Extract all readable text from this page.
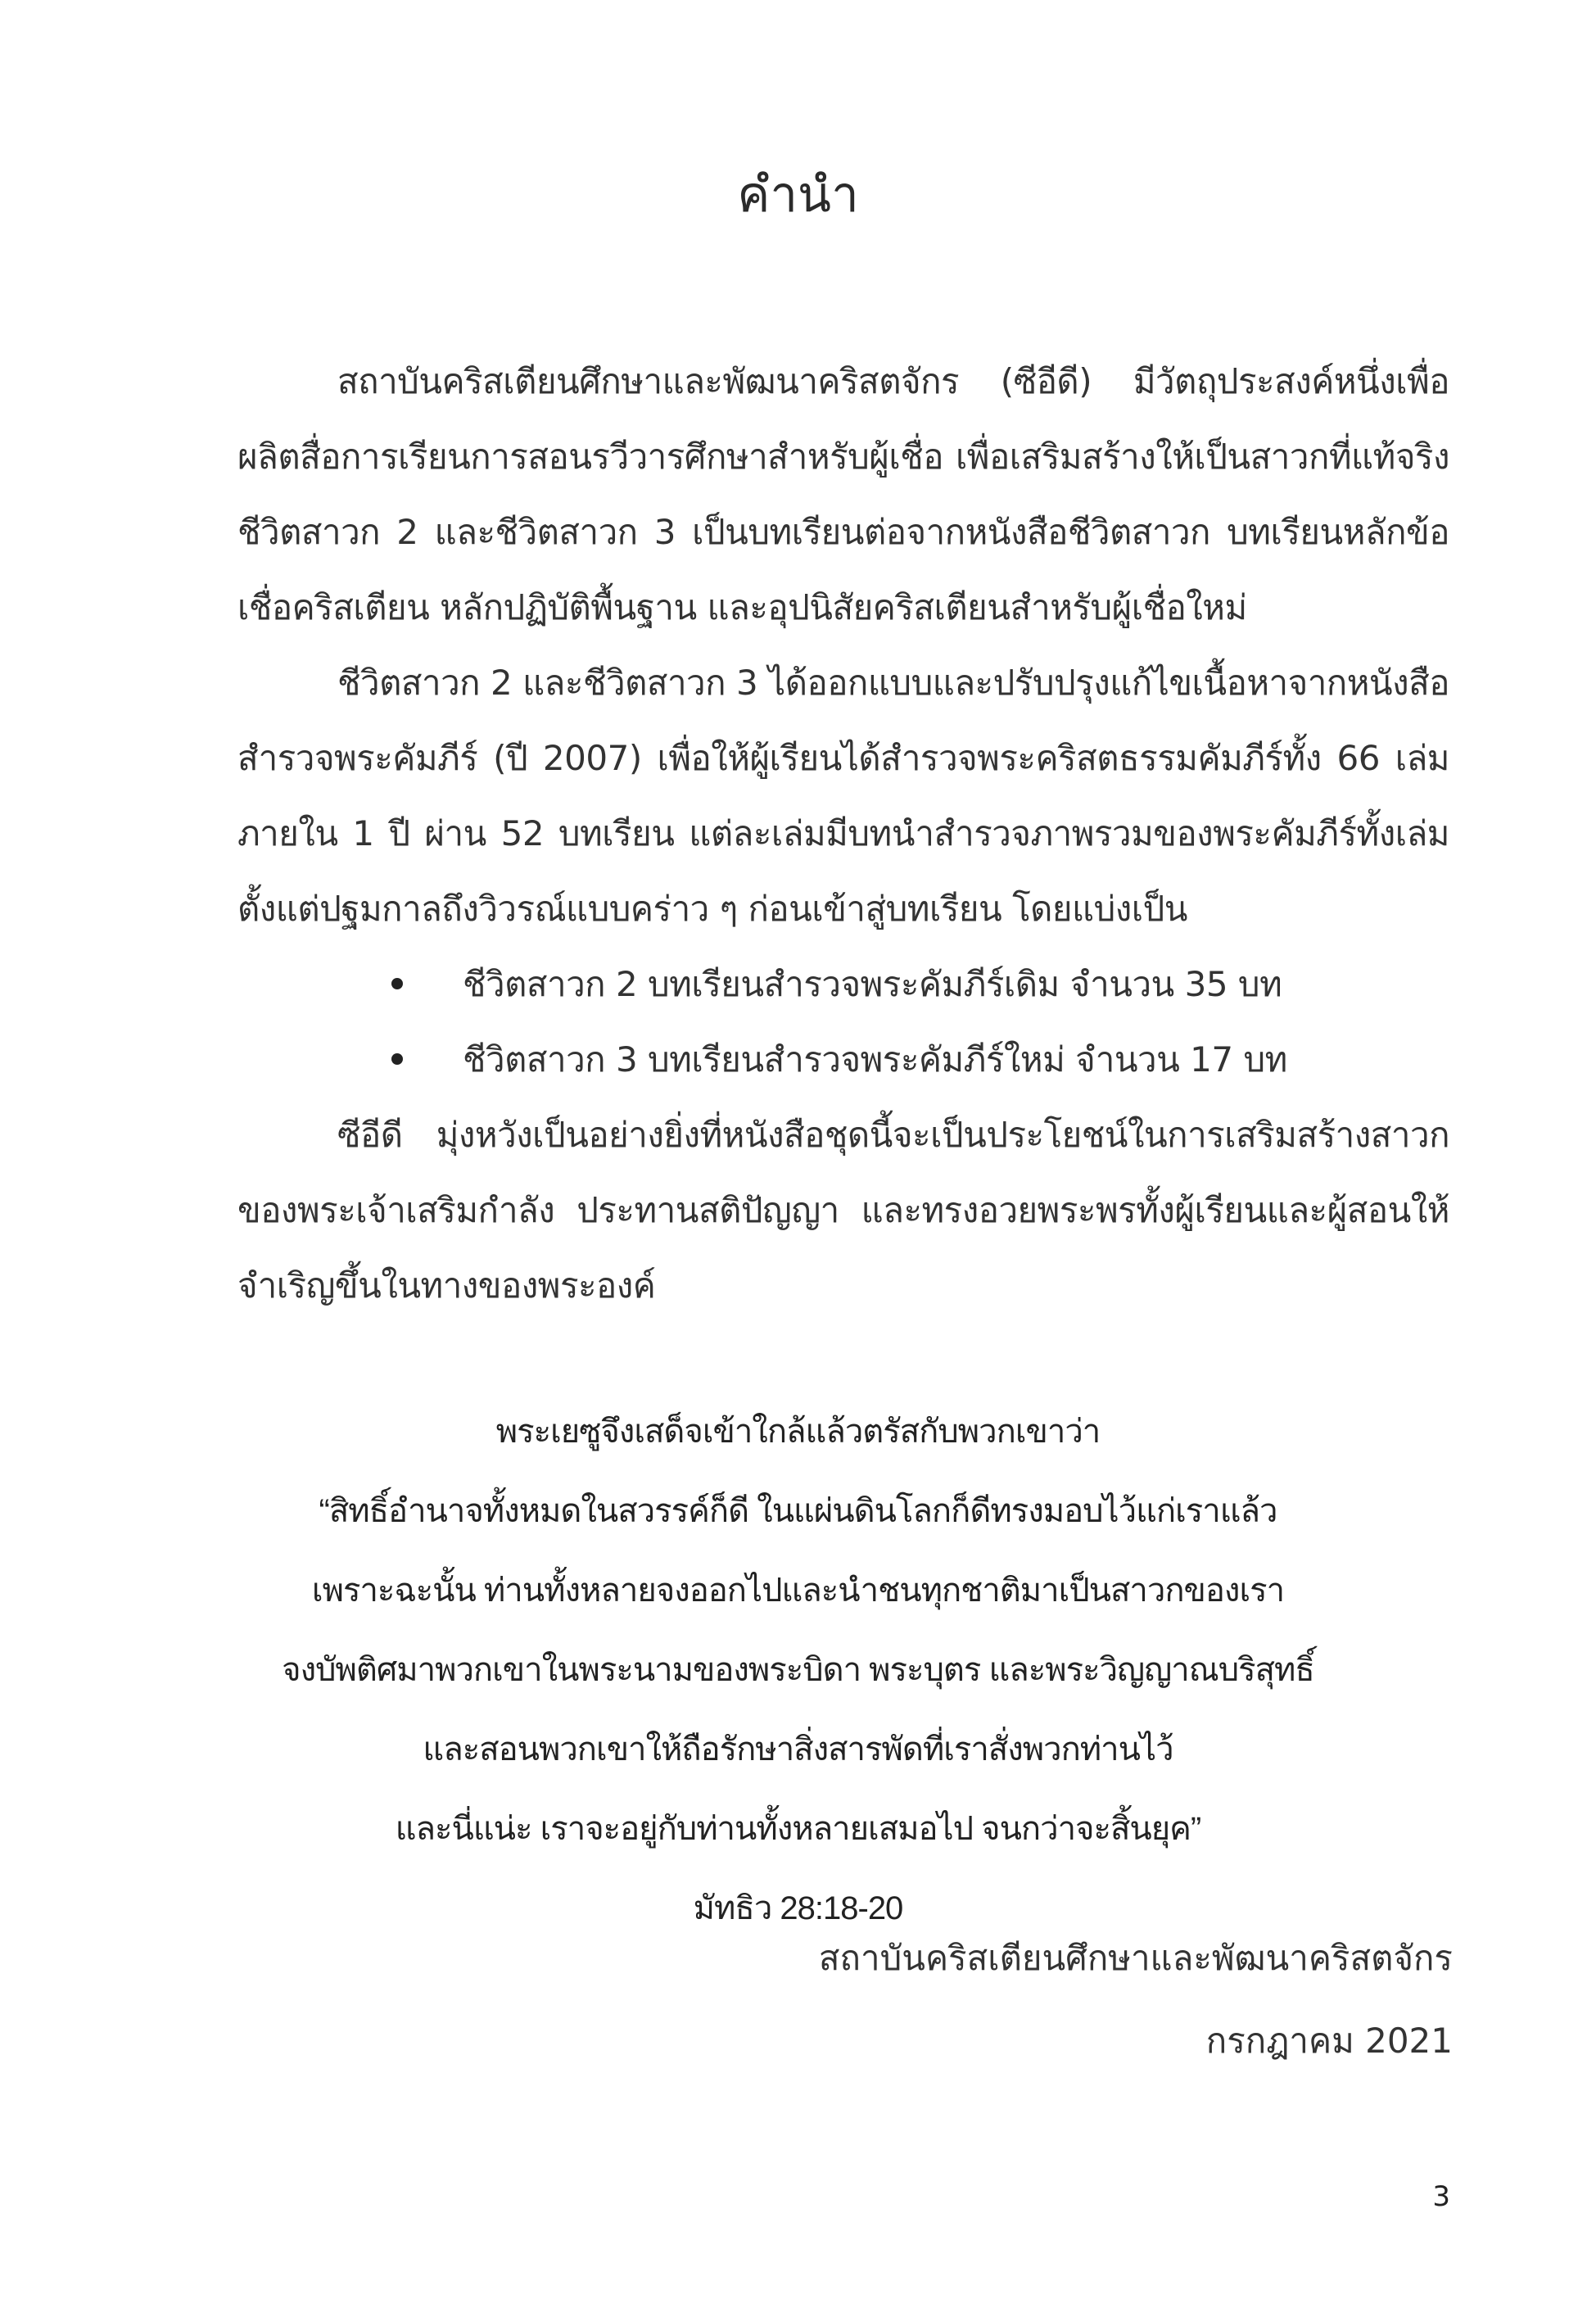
คำนำ

สถาบันคริสเตียนศึกษาและพัฒนาคริสตจักร (ซีอีดี) มีวัตถุประสงค์หนึ่งเพื่อผลิตสื่อการเรียนการสอนรวีวารศึกษาสำหรับผู้เชื่อ เพื่อเสริมสร้างให้เป็นสาวกที่แท้จริง ชีวิตสาวก 2 และชีวิตสาวก 3 เป็นบทเรียนต่อจากหนังสือชีวิตสาวก บทเรียนหลักข้อเชื่อคริสเตียน หลักปฏิบัติพื้นฐาน และอุปนิสัยคริสเตียนสำหรับผู้เชื่อใหม่

ชีวิตสาวก 2 และชีวิตสาวก 3 ได้ออกแบบและปรับปรุงแก้ไขเนื้อหาจากหนังสือสำรวจพระคัมภีร์ (ปี 2007) เพื่อให้ผู้เรียนได้สำรวจพระคริสตธรรมคัมภีร์ทั้ง 66 เล่มภายใน 1 ปี ผ่าน 52 บทเรียน แต่ละเล่มมีบทนำสำรวจภาพรวมของพระคัมภีร์ทั้งเล่มตั้งแต่ปฐมกาลถึงวิวรณ์แบบคร่าว ๆ ก่อนเข้าสู่บทเรียน โดยแบ่งเป็น

ชีวิตสาวก 2 บทเรียนสำรวจพระคัมภีร์เดิม จำนวน 35 บท
ชีวิตสาวก 3 บทเรียนสำรวจพระคัมภีร์ใหม่ จำนวน 17 บท

ซีอีดี มุ่งหวังเป็นอย่างยิ่งที่หนังสือชุดนี้จะเป็นประโยชน์ในการเสริมสร้างสาวกของพระเจ้าเสริมกำลัง ประทานสติปัญญา และทรงอวยพระพรทั้งผู้เรียนและผู้สอนให้จำเริญขึ้นในทางของพระองค์

พระเยซูจึงเสด็จเข้าใกล้แล้วตรัสกับพวกเขาว่า
“สิทธิ์อำนาจทั้งหมดในสวรรค์ก็ดี ในแผ่นดินโลกก็ดีทรงมอบไว้แก่เราแล้ว
เพราะฉะนั้น ท่านทั้งหลายจงออกไปและนำชนทุกชาติมาเป็นสาวกของเรา
จงบัพติศมาพวกเขาในพระนามของพระบิดา พระบุตร และพระวิญญาณบริสุทธิ์
และสอนพวกเขาให้ถือรักษาสิ่งสารพัดที่เราสั่งพวกท่านไว้
และนี่แน่ะ เราจะอยู่กับท่านทั้งหลายเสมอไป จนกว่าจะสิ้นยุค”
มัทธิว 28:18-20
สถาบันคริสเตียนศึกษาและพัฒนาคริสตจักร
กรกฎาคม 2021
3
